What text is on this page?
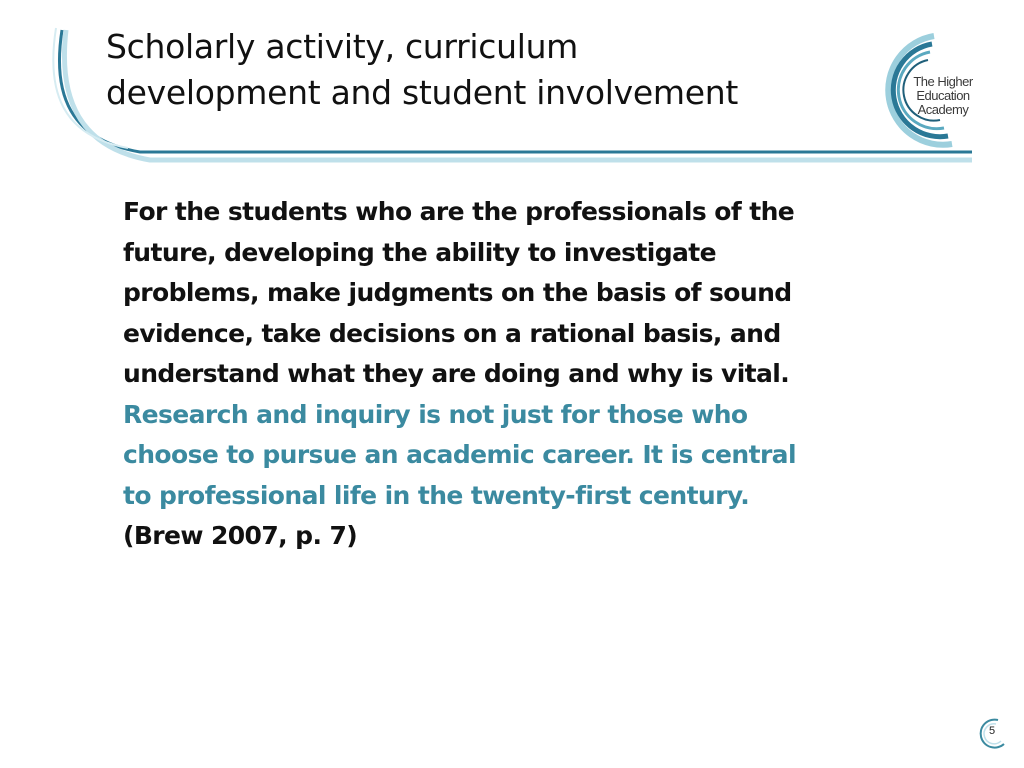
Scholarly activity, curriculum
development and student involvement	The Higher
Education
Academy
For the students who are the professionals of the
future, developing the ability to investigate
problems, make judgments on the basis of sound
evidence, take decisions on a rational basis, and
understand what they are doing and why is vital.
Research and inquiry is not just for those who
choose to pursue an academic career. It is central
to professional life in the twenty-first century.
(Brew 2007, p. 7)
5
